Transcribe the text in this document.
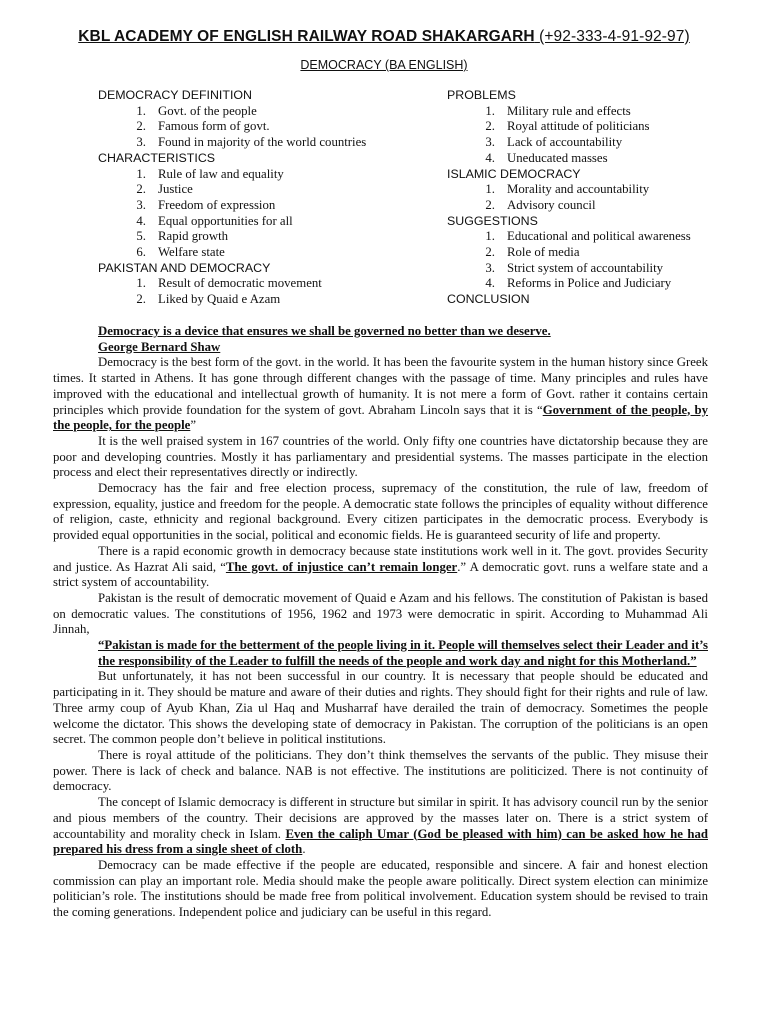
KBL ACADEMY OF ENGLISH RAILWAY ROAD SHAKARGARH (+92-333-4-91-92-97)
DEMOCRACY (BA ENGLISH)
DEMOCRACY DEFINITION
1. Govt. of the people
2. Famous form of govt.
3. Found in majority of the world countries
CHARACTERISTICS
1. Rule of law and equality
2. Justice
3. Freedom of expression
4. Equal opportunities for all
5. Rapid growth
6. Welfare state
PAKISTAN AND DEMOCRACY
1. Result of democratic movement
2. Liked by Quaid e Azam
PROBLEMS
1. Military rule and effects
2. Royal attitude of politicians
3. Lack of accountability
4. Uneducated masses
ISLAMIC DEMOCRACY
1. Morality and accountability
2. Advisory council
SUGGESTIONS
1. Educational and political awareness
2. Role of media
3. Strict system of accountability
4. Reforms in Police and Judiciary
CONCLUSION

Democracy is a device that ensures we shall be governed no better than we deserve.

George Bernard Shaw

Democracy is the best form of the govt. in the world. It has been the favourite system in the human history since Greek times. It started in Athens. It has gone through different changes with the passage of time. Many principles and rules have improved with the educational and intellectual growth of humanity. It is not mere a form of Govt. rather it contains certain principles which provide foundation for the system of govt. Abraham Lincoln says that it is “Government of the people, by the people, for the people”

It is the well praised system in 167 countries of the world. Only fifty one countries have dictatorship because they are poor and developing countries. Mostly it has parliamentary and presidential systems. The masses participate in the election process and elect their representatives directly or indirectly.

Democracy has the fair and free election process, supremacy of the constitution, the rule of law, freedom of expression, equality, justice and freedom for the people. A democratic state follows the principles of equality without difference of religion, caste, ethnicity and regional background. Every citizen participates in the democratic process. Everybody is provided equal opportunities in the social, political and economic fields. He is guaranteed security of life and property.

There is a rapid economic growth in democracy because state institutions work well in it. The govt. provides Security and justice. As Hazrat Ali said, “The govt. of injustice can’t remain longer.” A democratic govt. runs a welfare state and a strict system of accountability.

Pakistan is the result of democratic movement of Quaid e Azam and his fellows. The constitution of Pakistan is based on democratic values. The constitutions of 1956, 1962 and 1973 were democratic in spirit. According to Muhammad Ali Jinnah,

“Pakistan is made for the betterment of the people living in it. People will themselves select their Leader and it’s the responsibility of the Leader to fulfill the needs of the people and work day and night for this Motherland.”

But unfortunately, it has not been successful in our country. It is necessary that people should be educated and participating in it. They should be mature and aware of their duties and rights. They should fight for their rights and rule of law. Three army coup of Ayub Khan, Zia ul Haq and Musharraf have derailed the train of democracy. Sometimes the people welcome the dictator. This shows the developing state of democracy in Pakistan. The corruption of the politicians is an open secret. The common people don’t believe in political institutions.

There is royal attitude of the politicians. They don’t think themselves the servants of the public. They misuse their power. There is lack of check and balance. NAB is not effective. The institutions are politicized. There is not continuity of democracy.

The concept of Islamic democracy is different in structure but similar in spirit. It has advisory council run by the senior and pious members of the country. Their decisions are approved by the masses later on. There is a strict system of accountability and morality check in Islam. Even the caliph Umar (God be pleased with him) can be asked how he had prepared his dress from a single sheet of cloth.

Democracy can be made effective if the people are educated, responsible and sincere. A fair and honest election commission can play an important role. Media should make the people aware politically. Direct system election can minimize politician’s role. The institutions should be made free from political involvement. Education system should be revised to train the coming generations. Independent police and judiciary can be useful in this regard.
